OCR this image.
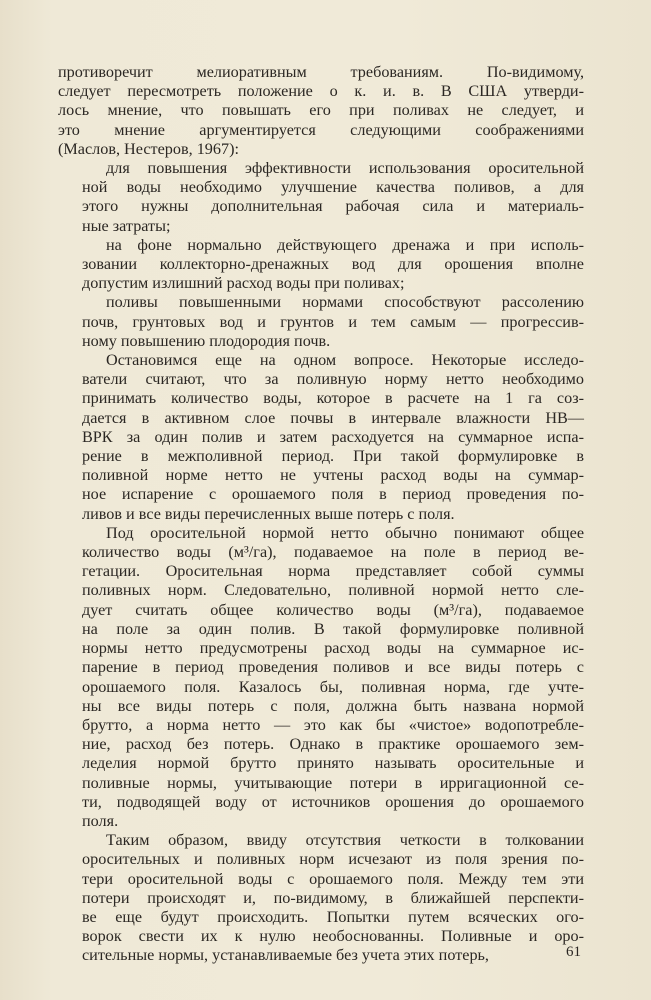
противоречит мелиоративным требованиям. По-видимому,
следует пересмотреть положение о к. и. в. В США утверди-
лось мнение, что повышать его при поливах не следует, и
это мнение аргументируется следующими соображениями
(Маслов, Нестеров, 1967):

для повышения эффективности использования оросительной
ной воды необходимо улучшение качества поливов, а для
этого нужны дополнительная рабочая сила и материаль-
ные затраты;

на фоне нормально действующего дренажа и при исполь-
зовании коллекторно-дренажных вод для орошения вполне
допустим излишний расход воды при поливах;

поливы повышенными нормами способствуют рассолению
почв, грунтовых вод и грунтов и тем самым — прогрессив-
ному повышению плодородия почв.

Остановимся еще на одном вопросе. Некоторые исследо-
ватели считают, что за поливную норму нетто необходимо
принимать количество воды, которое в расчете на 1 га соз-
дается в активном слое почвы в интервале влажности НВ—
ВРК за один полив и затем расходуется на суммарное испа-
рение в межполивной период. При такой формулировке в
поливной норме нетто не учтены расход воды на суммар-
ное испарение с орошаемого поля в период проведения по-
ливов и все виды перечисленных выше потерь с поля.

Под оросительной нормой нетто обычно понимают общее
количество воды (м³/га), подаваемое на поле в период ве-
гетации. Оросительная норма представляет собой суммы
поливных норм. Следовательно, поливной нормой нетто сле-
дует считать общее количество воды (м³/га), подаваемое
на поле за один полив. В такой формулировке поливной
нормы нетто предусмотрены расход воды на суммарное ис-
парение в период проведения поливов и все виды потерь с
орошаемого поля. Казалось бы, поливная норма, где учте-
ны все виды потерь с поля, должна быть названа нормой
брутто, а норма нетто — это как бы «чистое» водопотребле-
ние, расход без потерь. Однако в практике орошаемого зем-
леделия нормой брутто принято называть оросительные и
поливные нормы, учитывающие потери в ирригационной се-
ти, подводящей воду от источников орошения до орошаемого
поля.

Таким образом, ввиду отсутствия четкости в толковании
оросительных и поливных норм исчезают из поля зрения по-
тери оросительной воды с орошаемого поля. Между тем эти
потери происходят и, по-видимому, в ближайшей перспекти-
ве еще будут происходить. Попытки путем всяческих ого-
ворок свести их к нулю необоснованны. Поливные и оро-
сительные нормы, устанавливаемые без учета этих потерь,	61
